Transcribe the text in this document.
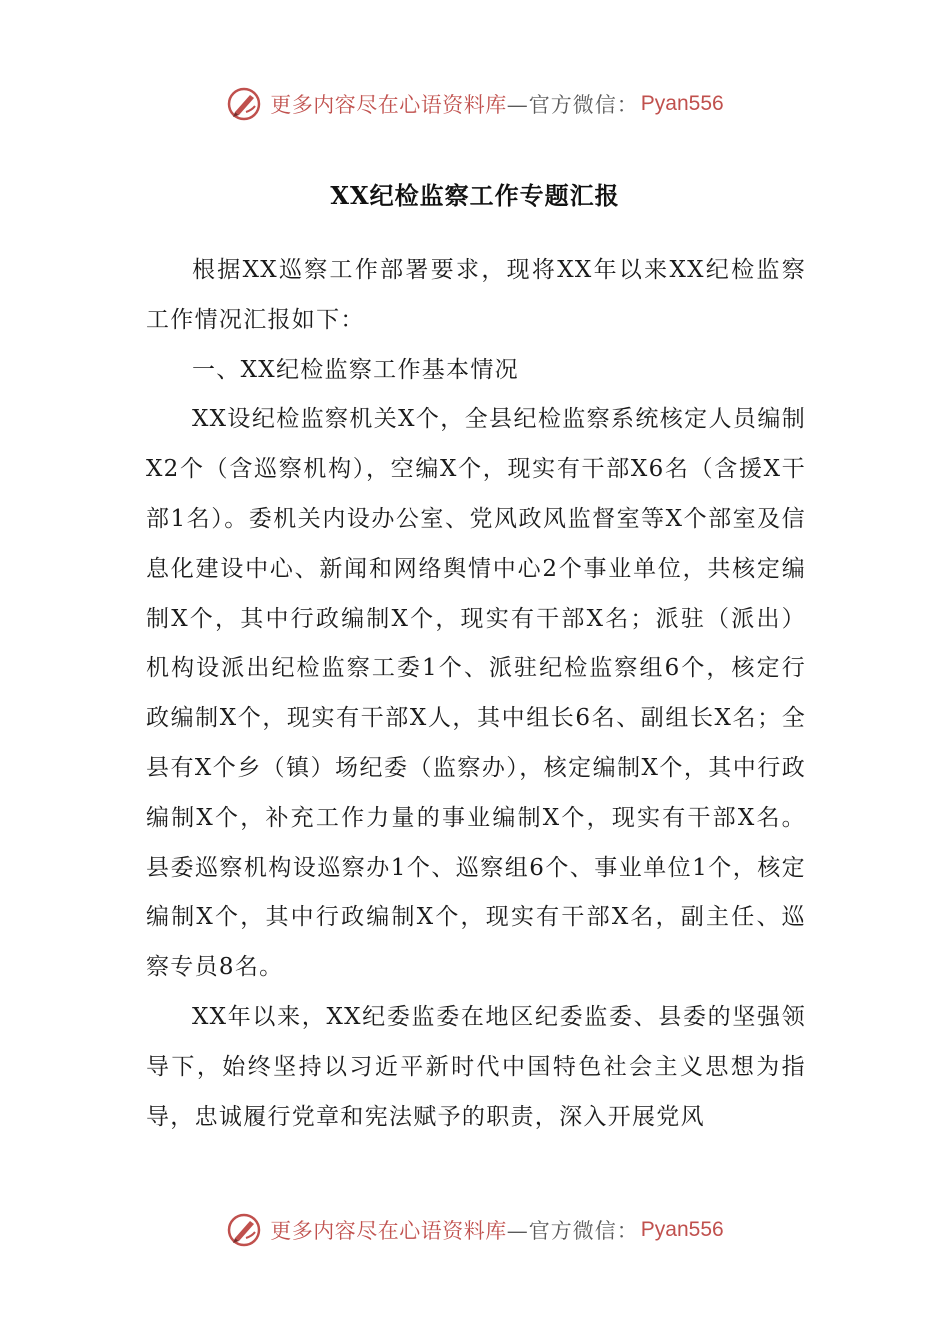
更多内容尽在心语资料库 —官方微信： Pyan556
XX纪检监察工作专题汇报

根据XX巡察工作部署要求，现将XX年以来XX纪检监察工作情况汇报如下：

一、XX纪检监察工作基本情况

XX设纪检监察机关X个，全县纪检监察系统核定人员编制X2个（含巡察机构），空编X个，现实有干部X6名（含援X干部1名）。委机关内设办公室、党风政风监督室等X个部室及信息化建设中心、新闻和网络舆情中心2个事业单位，共核定编制X个，其中行政编制X个，现实有干部X名；派驻（派出）机构设派出纪检监察工委1个、派驻纪检监察组6个，核定行政编制X个，现实有干部X人，其中组长6名、副组长X名；全县有X个乡（镇）场纪委（监察办），核定编制X个，其中行政编制X个，补充工作力量的事业编制X个，现实有干部X名。县委巡察机构设巡察办1个、巡察组6个、事业单位1个，核定编制X个，其中行政编制X个，现实有干部X名，副主任、巡察专员8名。

XX年以来，XX纪委监委在地区纪委监委、县委的坚强领导下，始终坚持以习近平新时代中国特色社会主义思想为指导，忠诚履行党章和宪法赋予的职责，深入开展党风

更多内容尽在心语资料库 —官方微信： Pyan556
